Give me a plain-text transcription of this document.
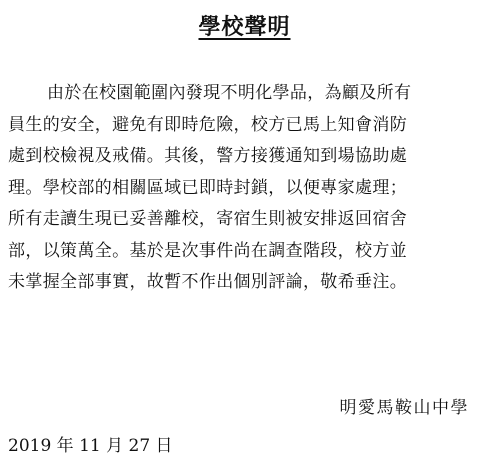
學校聲明
由於在校園範圍內發現不明化學品，為顧及所有
員生的安全，避免有即時危險，校方已馬上知會消防
處到校檢視及戒備。其後，警方接獲通知到場協助處
理。學校部的相關區域已即時封鎖，以便專家處理；
所有走讀生現已妥善離校，寄宿生則被安排返回宿舍
部，以策萬全。基於是次事件尚在調查階段，校方並
未掌握全部事實，故暫不作出個別評論，敬希垂注。
明愛馬鞍山中學
2019 年 11 月 27 日
